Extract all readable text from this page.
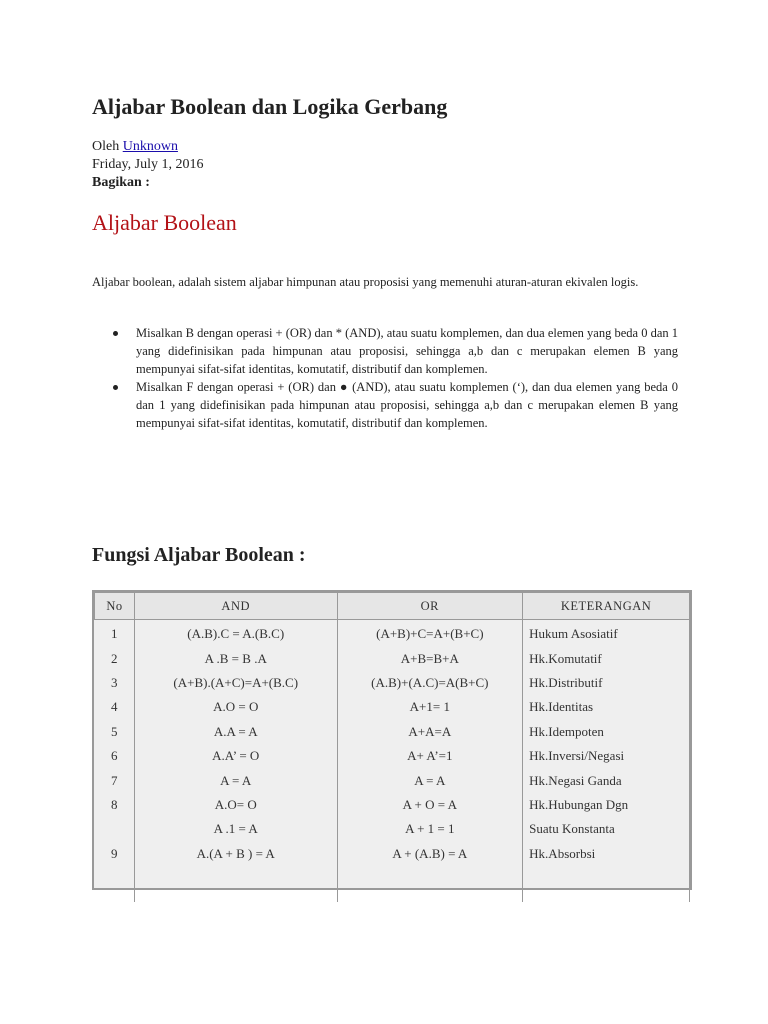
Aljabar Boolean dan Logika Gerbang
Oleh Unknown
Friday, July 1, 2016
Bagikan :
Aljabar Boolean

Aljabar boolean, adalah sistem aljabar himpunan atau proposisi yang memenuhi aturan-aturan ekivalen logis.

Misalkan B dengan operasi + (OR) dan * (AND), atau suatu komplemen, dan dua elemen yang beda 0 dan 1 yang didefinisikan pada himpunan atau proposisi, sehingga a,b dan c merupakan elemen B yang mempunyai sifat-sifat identitas, komutatif, distributif dan komplemen.
Misalkan F dengan operasi + (OR) dan ● (AND), atau suatu komplemen (‘), dan dua elemen yang beda 0 dan 1 yang didefinisikan pada himpunan atau proposisi, sehingga a,b dan c merupakan elemen B yang mempunyai sifat-sifat identitas, komutatif, distributif dan komplemen.
Fungsi Aljabar Boolean :
No	AND	OR	KETERANGAN
1	(A.B).C = A.(B.C)	(A+B)+C=A+(B+C)	Hukum Asosiatif
2	A .B = B .A	A+B=B+A	Hk.Komutatif
3	(A+B).(A+C)=A+(B.C)	(A.B)+(A.C)=A(B+C)	Hk.Distributif
4	A.O = O	A+1= 1	Hk.Identitas
5	A.A = A	A+A=A	Hk.Idempoten
6	A.A’ = O	A+ A’=1	Hk.Inversi/Negasi
7	A = A	A = A	Hk.Negasi Ganda
8	A.O= O	A + O = A	Hk.Hubungan Dgn
	A .1 = A	A + 1 = 1	Suatu Konstanta
9	A.(A + B ) = A	A + (A.B) = A	Hk.Absorbsi
